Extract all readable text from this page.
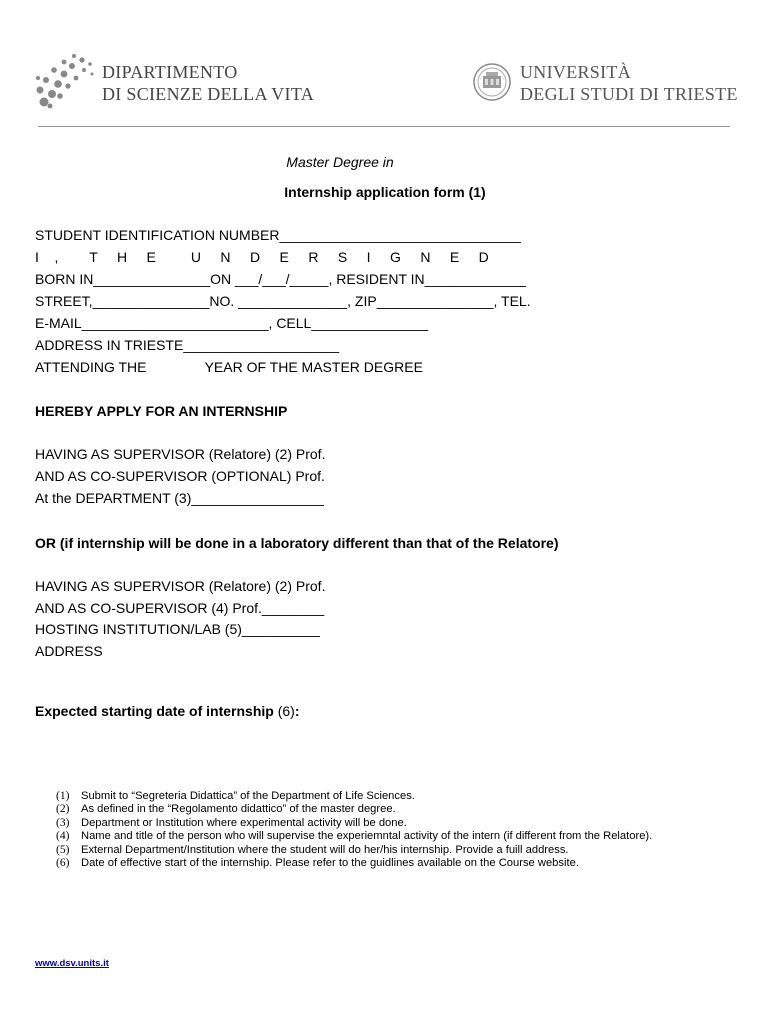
DIPARTIMENTO
DI SCIENZE DELLA VITA
UNIVERSITÀ
DEGLI STUDI DI TRIESTE
Master Degree in
Internship application form (1)
STUDENT IDENTIFICATION NUMBER_______________________________
I    ,        T     H     E         U     N     D     E     R     S     I     G     N     E     D
BORN IN_______________ON ___/___/_____, RESIDENT IN_____________
STREET,_______________NO. ______________, ZIP_______________, TEL.
E-MAIL________________________, CELL_______________
ADDRESS IN TRIESTE____________________
ATTENDING THE               YEAR OF THE MASTER DEGREE
HEREBY APPLY FOR AN INTERNSHIP
HAVING AS SUPERVISOR (Relatore) (2) Prof.
AND AS CO-SUPERVISOR (OPTIONAL) Prof.
At the DEPARTMENT (3)_________________
OR (if internship will be done in a laboratory different than that of the Relatore)
HAVING AS SUPERVISOR (Relatore) (2) Prof.
AND AS CO-SUPERVISOR (4) Prof.________
HOSTING INSTITUTION/LAB (5)__________
ADDRESS
Expected starting date of internship (6):
(1)	Submit to “Segreteria Didattica” of the Department of Life Sciences.
(2)	As defined in the “Regolamento didattico” of the master degree.
(3)	Department or Institution where experimental activity will be done.
(4)	Name and title of the person who will supervise the experiemntal activity of the intern (if different from the Relatore).
(5)	External Department/Institution where the student will do her/his internship. Provide a fuill address.
(6)	Date of effective start of the internship. Please refer to the guidlines available on the Course website.
www.dsv.units.it
